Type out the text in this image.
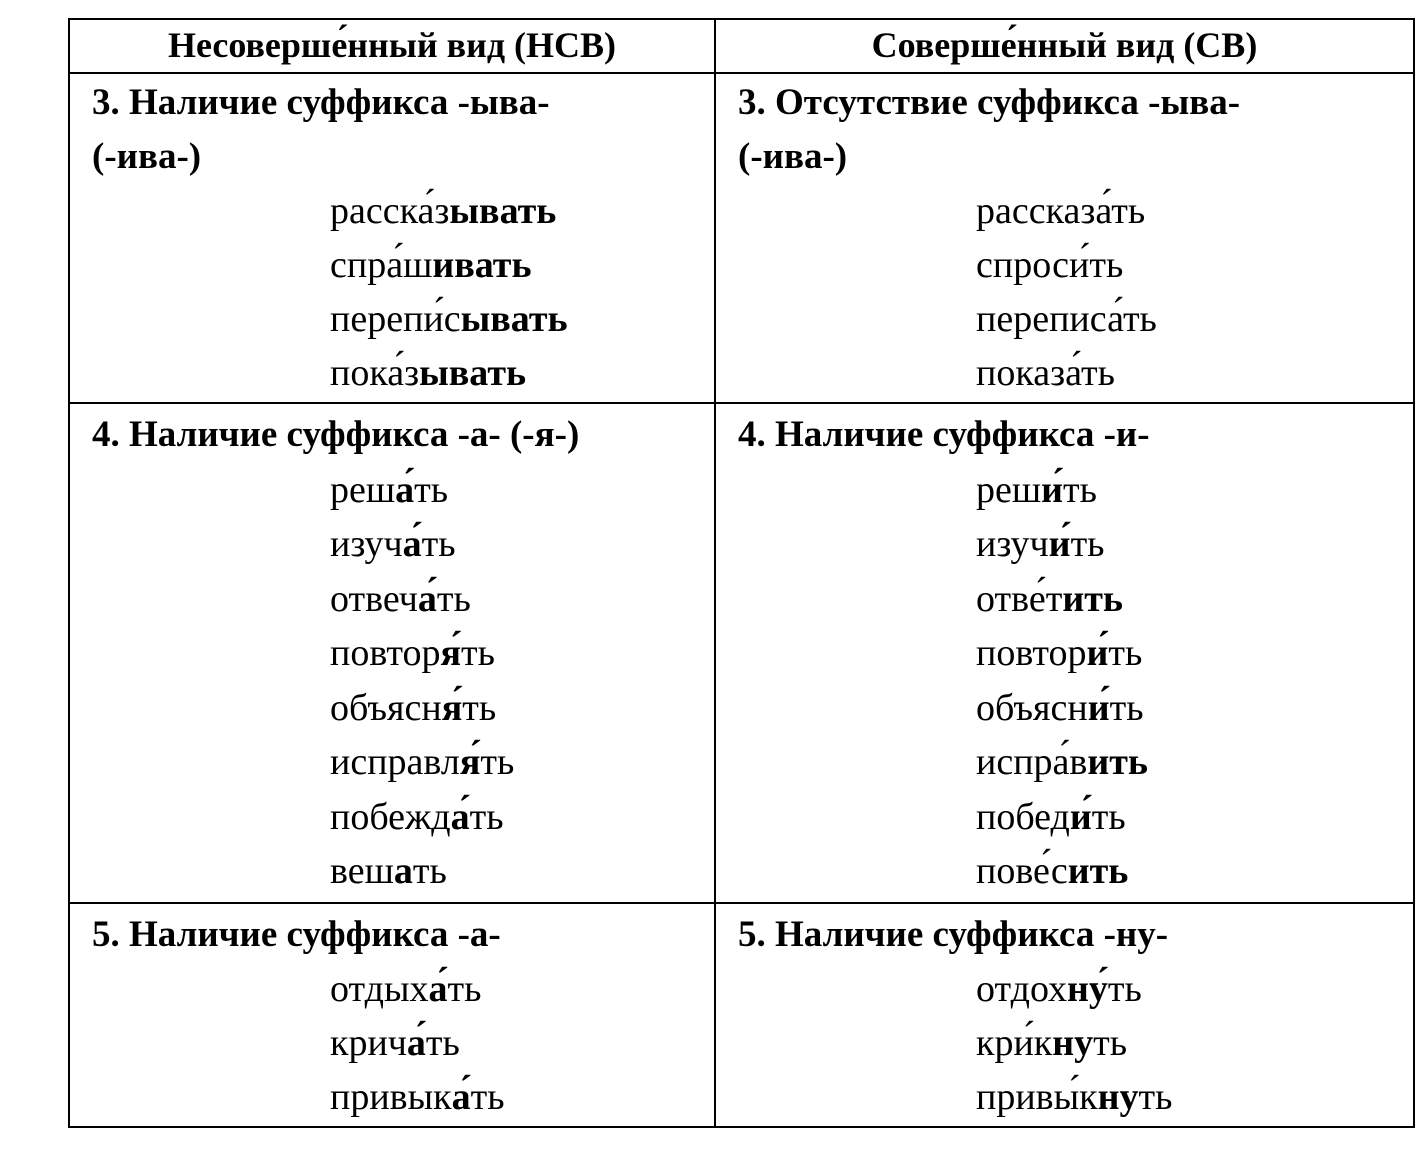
Несоверше́нный вид (НСВ)	Соверше́нный вид (СВ)
3. Наличие суффикса -ыва-
(-ива-)
расска́зывать
спра́шивать
перепи́сывать
пока́зывать
3. Отсутствие суффикса -ыва-
(-ива-)
рассказа́ть
спроси́ть
переписа́ть
показа́ть
4. Наличие суффикса -а- (-я-)
реша́ть
изуча́ть
отвеча́ть
повторя́ть
объясня́ть
исправля́ть
побежда́ть
вешать
4. Наличие суффикса -и-
реши́ть
изучи́ть
отве́тить
повтори́ть
объясни́ть
испра́вить
победи́ть
пове́сить
5. Наличие суффикса -а-
отдыха́ть
крича́ть
привыка́ть
5. Наличие суффикса -ну-
отдохну́ть
кри́кнуть
привы́кнуть
